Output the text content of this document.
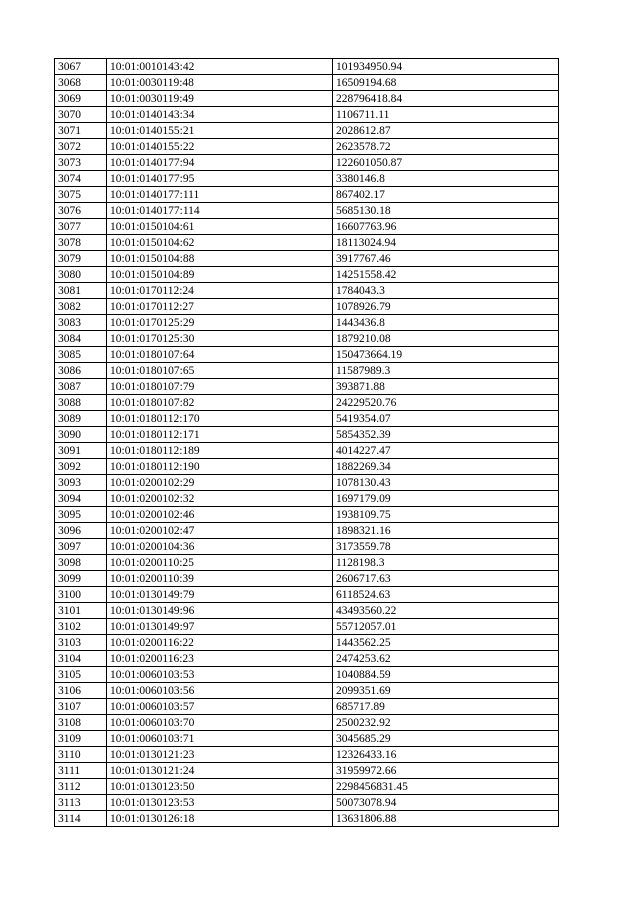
3067	10:01:0010143:42	101934950.94
3068	10:01:0030119:48	16509194.68
3069	10:01:0030119:49	228796418.84
3070	10:01:0140143:34	1106711.11
3071	10:01:0140155:21	2028612.87
3072	10:01:0140155:22	2623578.72
3073	10:01:0140177:94	122601050.87
3074	10:01:0140177:95	3380146.8
3075	10:01:0140177:111	867402.17
3076	10:01:0140177:114	5685130.18
3077	10:01:0150104:61	16607763.96
3078	10:01:0150104:62	18113024.94
3079	10:01:0150104:88	3917767.46
3080	10:01:0150104:89	14251558.42
3081	10:01:0170112:24	1784043.3
3082	10:01:0170112:27	1078926.79
3083	10:01:0170125:29	1443436.8
3084	10:01:0170125:30	1879210.08
3085	10:01:0180107:64	150473664.19
3086	10:01:0180107:65	11587989.3
3087	10:01:0180107:79	393871.88
3088	10:01:0180107:82	24229520.76
3089	10:01:0180112:170	5419354.07
3090	10:01:0180112:171	5854352.39
3091	10:01:0180112:189	4014227.47
3092	10:01:0180112:190	1882269.34
3093	10:01:0200102:29	1078130.43
3094	10:01:0200102:32	1697179.09
3095	10:01:0200102:46	1938109.75
3096	10:01:0200102:47	1898321.16
3097	10:01:0200104:36	3173559.78
3098	10:01:0200110:25	1128198.3
3099	10:01:0200110:39	2606717.63
3100	10:01:0130149:79	6118524.63
3101	10:01:0130149:96	43493560.22
3102	10:01:0130149:97	55712057.01
3103	10:01:0200116:22	1443562.25
3104	10:01:0200116:23	2474253.62
3105	10:01:0060103:53	1040884.59
3106	10:01:0060103:56	2099351.69
3107	10:01:0060103:57	685717.89
3108	10:01:0060103:70	2500232.92
3109	10:01:0060103:71	3045685.29
3110	10:01:0130121:23	12326433.16
3111	10:01:0130121:24	31959972.66
3112	10:01:0130123:50	2298456831.45
3113	10:01:0130123:53	50073078.94
3114	10:01:0130126:18	13631806.88
